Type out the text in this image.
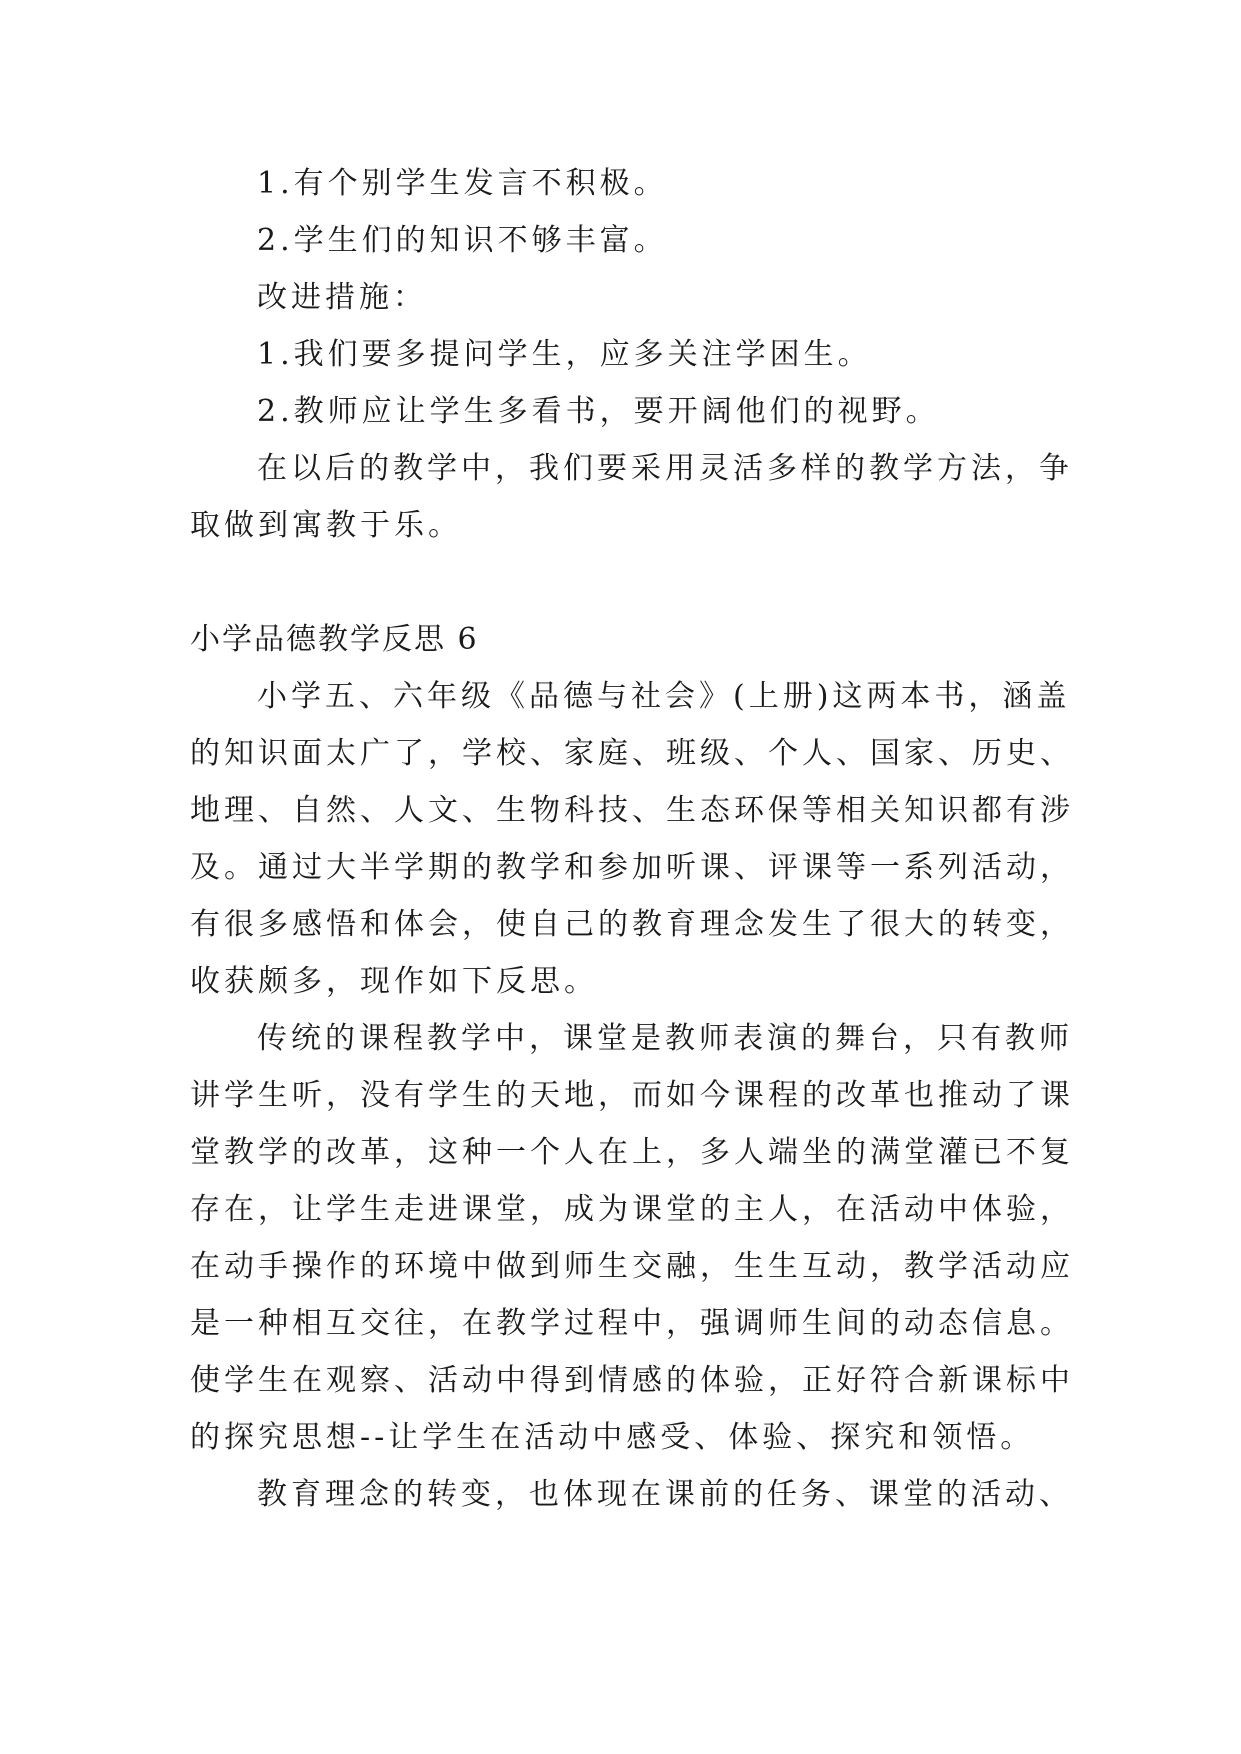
1.有个别学生发言不积极。

2.学生们的知识不够丰富。

改进措施：

1.我们要多提问学生，应多关注学困生。

2.教师应让学生多看书，要开阔他们的视野。

在以后的教学中，我们要采用灵活多样的教学方法，争

取做到寓教于乐。

小学品德教学反思 6

小学五、六年级《品德与社会》(上册)这两本书，涵盖

的知识面太广了，学校、家庭、班级、个人、国家、历史、

地理、自然、人文、生物科技、生态环保等相关知识都有涉

及。通过大半学期的教学和参加听课、评课等一系列活动，

有很多感悟和体会，使自己的教育理念发生了很大的转变，

收获颇多，现作如下反思。

传统的课程教学中，课堂是教师表演的舞台，只有教师

讲学生听，没有学生的天地，而如今课程的改革也推动了课

堂教学的改革，这种一个人在上，多人端坐的满堂灌已不复

存在，让学生走进课堂，成为课堂的主人，在活动中体验，

在动手操作的环境中做到师生交融，生生互动，教学活动应

是一种相互交往，在教学过程中，强调师生间的动态信息。

使学生在观察、活动中得到情感的体验，正好符合新课标中

的探究思想--让学生在活动中感受、体验、探究和领悟。

教育理念的转变，也体现在课前的任务、课堂的活动、
